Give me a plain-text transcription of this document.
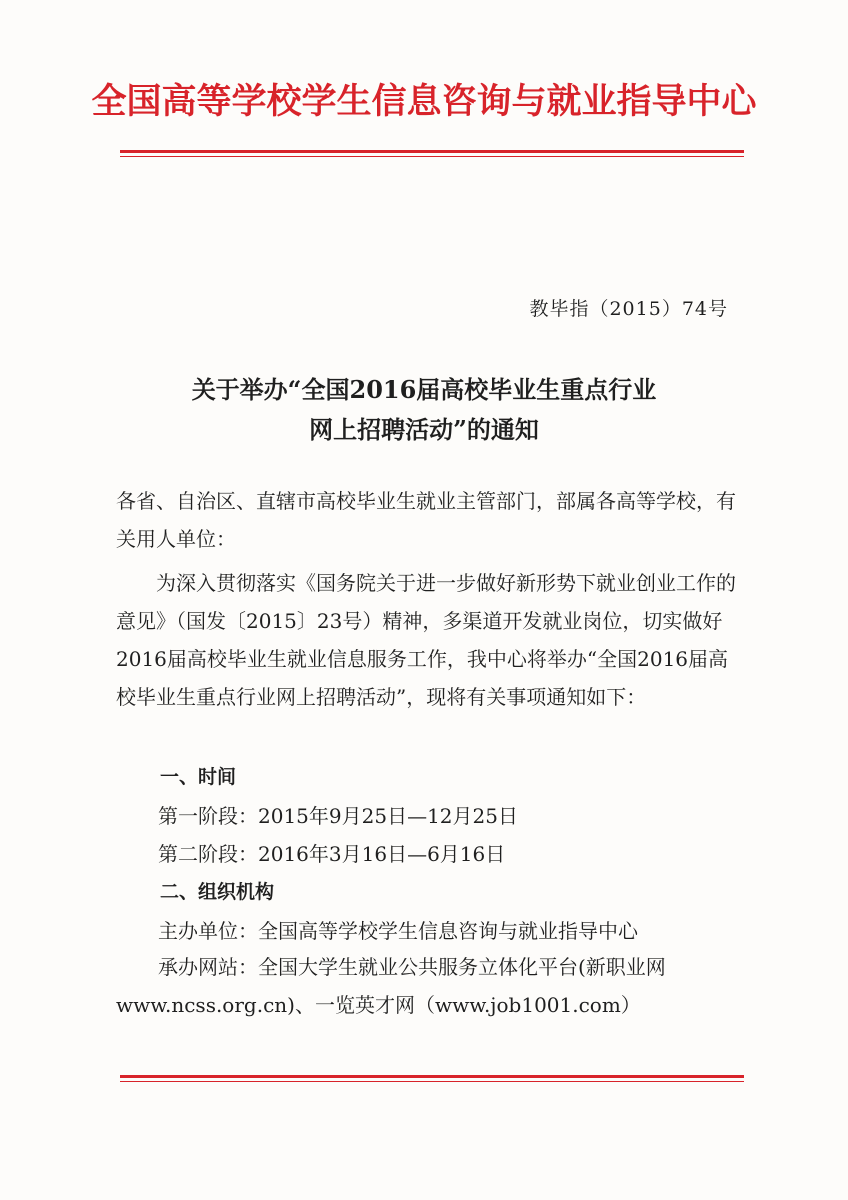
全国高等学校学生信息咨询与就业指导中心
教毕指（2015）74号
关于举办“全国2016届高校毕业生重点行业
网上招聘活动”的通知
各省、自治区、直辖市高校毕业生就业主管部门，部属各高等学校，有关用人单位：
为深入贯彻落实《国务院关于进一步做好新形势下就业创业工作的意见》（国发〔2015〕23号）精神，多渠道开发就业岗位，切实做好2016届高校毕业生就业信息服务工作，我中心将举办“全国2016届高校毕业生重点行业网上招聘活动”，现将有关事项通知如下：
一、时间
第一阶段：2015年9月25日—12月25日
第二阶段：2016年3月16日—6月16日
二、组织机构
主办单位：全国高等学校学生信息咨询与就业指导中心
承办网站：全国大学生就业公共服务立体化平台(新职业网www.ncss.org.cn)、一览英才网（www.job1001.com）
